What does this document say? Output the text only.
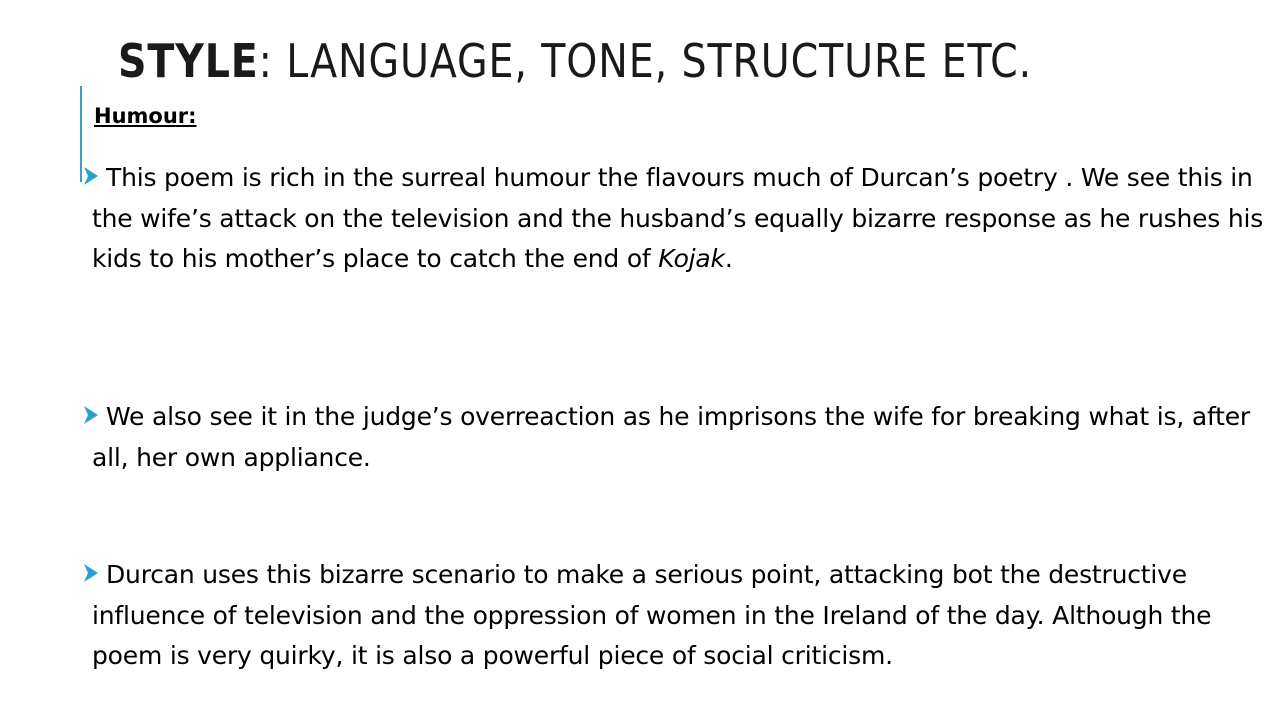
STYLE: LANGUAGE, TONE, STRUCTURE ETC.
Humour:

This poem is rich in the surreal humour the flavours much of Durcan’s poetry . We see this in the wife’s attack on the television and the husband’s equally bizarre response as he rushes his kids to his mother’s place to catch the end of Kojak.

We also see it in the judge’s overreaction as he imprisons the wife for breaking what is, after all, her own appliance.

Durcan uses this bizarre scenario to make a serious point, attacking bot the destructive influence of television and the oppression of women in the Ireland of the day. Although the poem is very quirky, it is also a powerful piece of social criticism.
